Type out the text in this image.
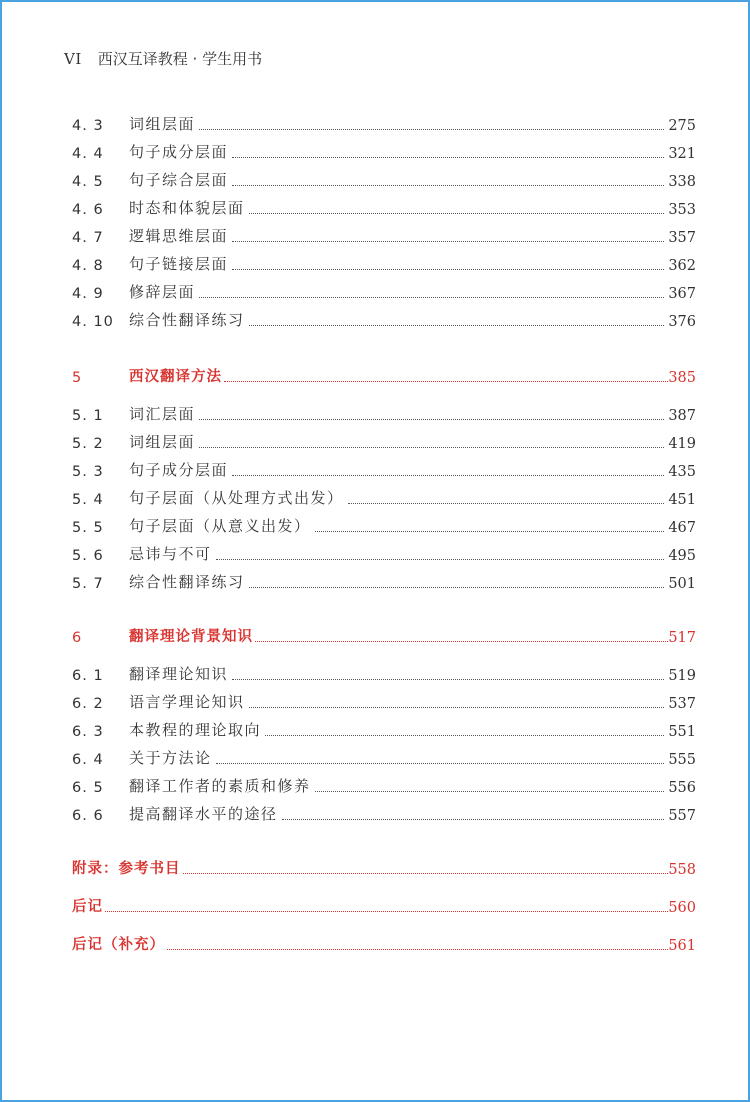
VI 西汉互译教程 · 学生用书
4. 3	词组层面	275
4. 4	句子成分层面	321
4. 5	句子综合层面	338
4. 6	时态和体貌层面	353
4. 7	逻辑思维层面	357
4. 8	句子链接层面	362
4. 9	修辞层面	367
4. 10	综合性翻译练习	376
5	西汉翻译方法	385
5. 1	词汇层面	387
5. 2	词组层面	419
5. 3	句子成分层面	435
5. 4	句子层面（从处理方式出发）	451
5. 5	句子层面（从意义出发）	467
5. 6	忌讳与不可	495
5. 7	综合性翻译练习	501
6	翻译理论背景知识	517
6. 1	翻译理论知识	519
6. 2	语言学理论知识	537
6. 3	本教程的理论取向	551
6. 4	关于方法论	555
6. 5	翻译工作者的素质和修养	556
6. 6	提高翻译水平的途径	557
附录：参考书目	558
后记	560
后记（补充）	561
